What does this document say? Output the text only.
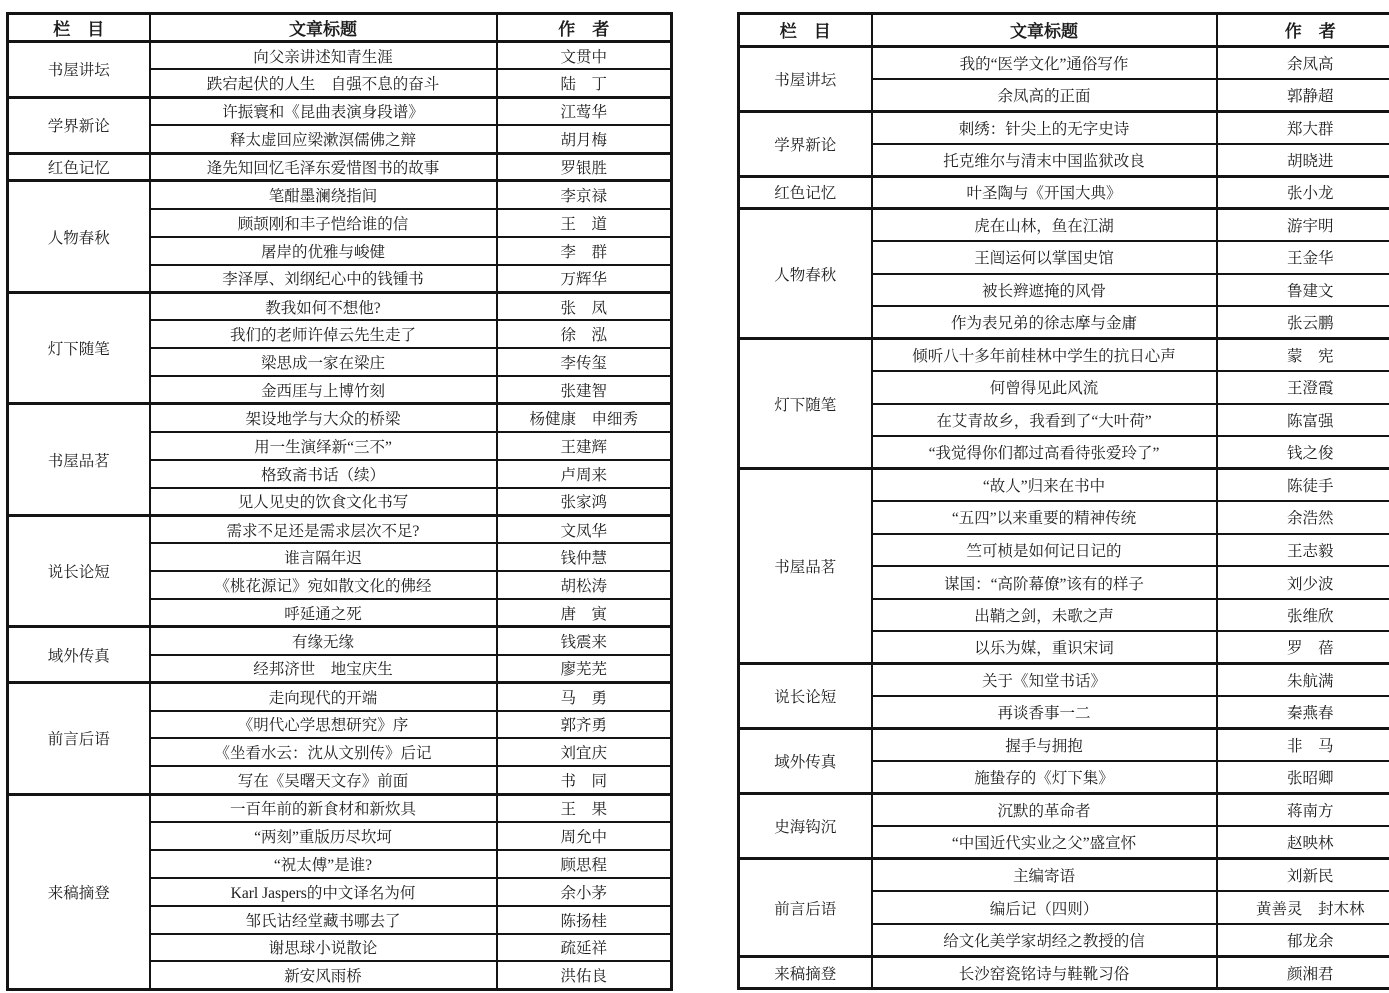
栏　目	文章标题	作　者
书屋讲坛	向父亲讲述知青生涯	文贯中
	跌宕起伏的人生　自强不息的奋斗	陆　丁
学界新论	许振寰和《昆曲表演身段谱》	江莺华
	释太虚回应梁漱溟儒佛之辩	胡月梅
红色记忆	逄先知回忆毛泽东爱惜图书的故事	罗银胜
人物春秋	笔酣墨澜绕指间	李京禄
	顾颉刚和丰子恺给谁的信	王　道
	屠岸的优雅与峻健	李　群
	李泽厚、刘纲纪心中的钱锺书	万辉华
灯下随笔	教我如何不想他?	张　凤
	我们的老师许倬云先生走了	徐　泓
	梁思成一家在梁庄	李传玺
	金西厓与上博竹刻	张建智
书屋品茗	架设地学与大众的桥梁	杨健康　申细秀
	用一生演绎新“三不”	王建辉
	格致斋书话（续）	卢周来
	见人见史的饮食文化书写	张家鸿
说长论短	需求不足还是需求层次不足?	文凤华
	谁言隔年迟	钱仲慧
	《桃花源记》宛如散文化的佛经	胡松涛
	呼延通之死	唐　寅
域外传真	有缘无缘	钱震来
	经邦济世　地宝庆生	廖芜芜
前言后语	走向现代的开端	马　勇
	《明代心学思想研究》序	郭齐勇
	《坐看水云：沈从文别传》后记	刘宜庆
	写在《吴曙天文存》前面	书　同
来稿摘登	一百年前的新食材和新炊具	王　果
	“两刻”重版历尽坎坷	周允中
	“祝太傅”是谁?	顾思程
	Karl Jaspers的中文译名为何	余小茅
	邹氏诂经堂藏书哪去了	陈扬桂
	谢思球小说散论	疏延祥
	新安风雨桥	洪佑良
栏　目	文章标题	作　者
书屋讲坛	我的“医学文化”通俗写作	余凤高
	余凤高的正面	郭静超
学界新论	刺绣：针尖上的无字史诗	郑大群
	托克维尔与清末中国监狱改良	胡晓进
红色记忆	叶圣陶与《开国大典》	张小龙
人物春秋	虎在山林，鱼在江湖	游宇明
	王闿运何以掌国史馆	王金华
	被长辫遮掩的风骨	鲁建文
	作为表兄弟的徐志摩与金庸	张云鹏
灯下随笔	倾听八十多年前桂林中学生的抗日心声	蒙　宪
	何曾得见此风流	王澄霞
	在艾青故乡，我看到了“大叶荷”	陈富强
	“我觉得你们都过高看待张爱玲了”	钱之俊
书屋品茗	“故人”归来在书中	陈徒手
	“五四”以来重要的精神传统	余浩然
	竺可桢是如何记日记的	王志毅
	谋国：“高阶幕僚”该有的样子	刘少波
	出鞘之剑，未歌之声	张维欣
	以乐为媒，重识宋词	罗　蓓
说长论短	关于《知堂书话》	朱航满
	再谈香事一二	秦燕春
域外传真	握手与拥抱	非　马
	施蛰存的《灯下集》	张昭卿
史海钩沉	沉默的革命者	蒋南方
	“中国近代实业之父”盛宣怀	赵映林
前言后语	主编寄语	刘新民
	编后记（四则）	黄善灵　封木林
	给文化美学家胡经之教授的信	郁龙余
来稿摘登	长沙窑瓷铭诗与鞋靴习俗	颜湘君
